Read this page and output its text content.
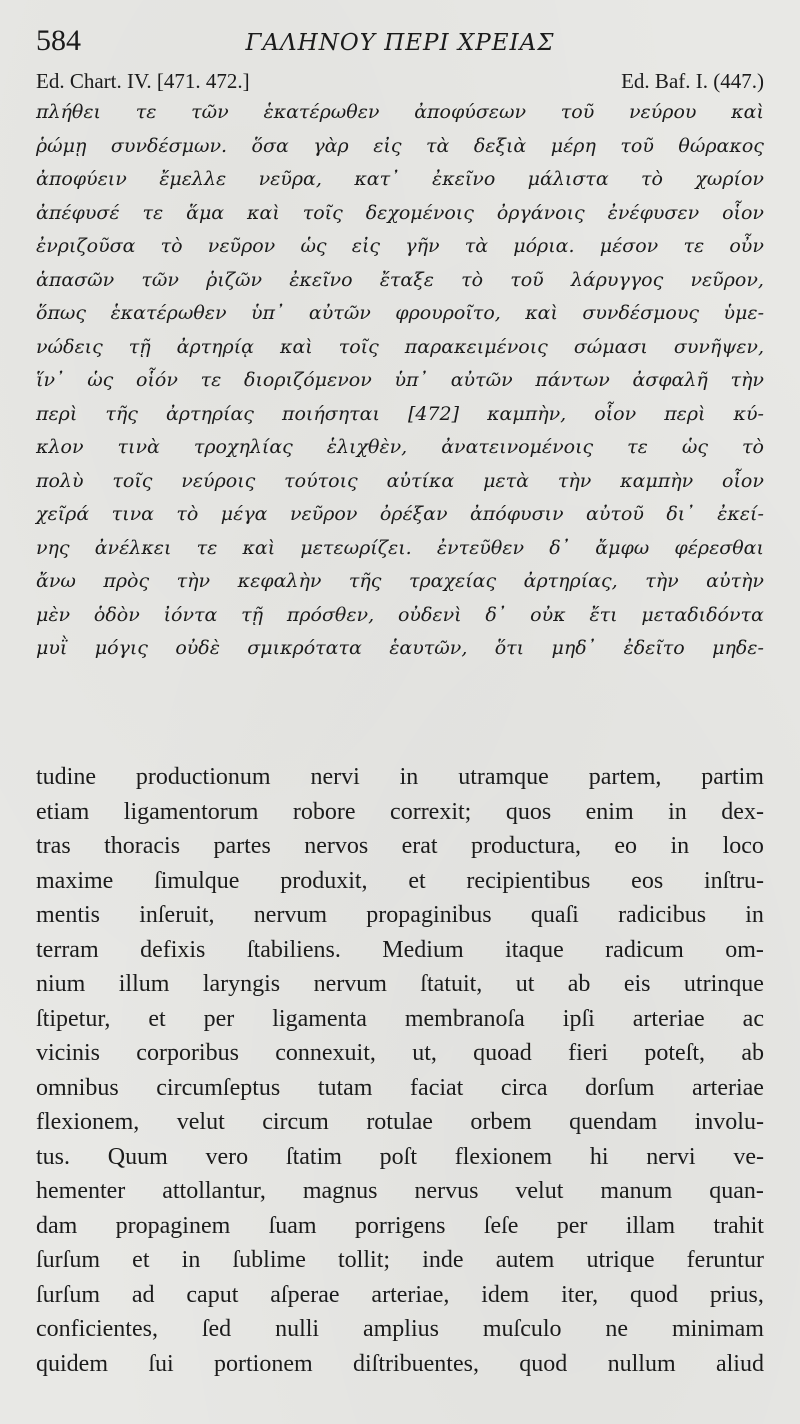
584	ΓΑΛΗΝΟΥ ΠΕΡΙ ΧΡΕΙΑΣ
Ed. Chart. IV. [471. 472.]	Ed. Baf. I. (447.)
πλήθει τε τῶν ἑκατέρωθεν ἀποφύσεων τοῦ νεύρου καὶ
ῥώμῃ συνδέσμων. ὅσα γὰρ εἰς τὰ δεξιὰ μέρη τοῦ θώρακος
ἀποφύειν ἔμελλε νεῦρα, κατ᾽ ἐκεῖνο μάλιστα τὸ χωρίον
ἀπέφυσέ τε ἅμα καὶ τοῖς δεχομένοις ὀργάνοις ἐνέφυσεν οἷον
ἐνριζοῦσα τὸ νεῦρον ὡς εἰς γῆν τὰ μόρια. μέσον τε οὖν
ἁπασῶν τῶν ῥιζῶν ἐκεῖνο ἔταξε τὸ τοῦ λάρυγγος νεῦρον,
ὅπως ἑκατέρωθεν ὑπ᾽ αὐτῶν φρουροῖτο, καὶ συνδέσμους ὑμε-
νώδεις τῇ ἀρτηρίᾳ καὶ τοῖς παρακειμένοις σώμασι συνῆψεν,
ἵν᾽ ὡς οἷόν τε διοριζόμενον ὑπ᾽ αὐτῶν πάντων ἀσφαλῆ τὴν
περὶ τῆς ἀρτηρίας ποιήσηται [472] καμπὴν, οἷον περὶ κύ-
κλον τινὰ τροχηλίας ἑλιχθὲν, ἀνατεινομένοις τε ὡς τὸ
πολὺ τοῖς νεύροις τούτοις αὐτίκα μετὰ τὴν καμπὴν οἷον
χεῖρά τινα τὸ μέγα νεῦρον ὀρέξαν ἀπόφυσιν αὐτοῦ δι᾽ ἐκεί-
νης ἀνέλκει τε καὶ μετεωρίζει. ἐντεῦθεν δ᾽ ἄμφω φέρεσθαι
ἄνω πρὸς τὴν κεφαλὴν τῆς τραχείας ἀρτηρίας, τὴν αὐτὴν
μὲν ὁδὸν ἰόντα τῇ πρόσθεν, οὐδενὶ δ᾽ οὐκ ἔτι μεταδιδόντα
μυῒ μόγις οὐδὲ σμικρότατα ἑαυτῶν, ὅτι μηδ᾽ ἐδεῖτο μηδε-
tudine productionum nervi in utramque partem, partim
etiam ligamentorum robore correxit; quos enim in dex-
tras thoracis partes nervos erat productura, eo in loco
maxime ſimulque produxit, et recipientibus eos inſtru-
mentis inſeruit, nervum propaginibus quaſi radicibus in
terram defixis ſtabiliens. Medium itaque radicum om-
nium illum laryngis nervum ſtatuit, ut ab eis utrinque
ſtipetur, et per ligamenta membranoſa ipſi arteriae ac
vicinis corporibus connexuit, ut, quoad fieri poteſt, ab
omnibus circumſeptus tutam faciat circa dorſum arteriae
flexionem, velut circum rotulae orbem quendam involu-
tus. Quum vero ſtatim poſt flexionem hi nervi ve-
hementer attollantur, magnus nervus velut manum quan-
dam propaginem ſuam porrigens ſeſe per illam trahit
ſurſum et in ſublime tollit; inde autem utrique feruntur
ſurſum ad caput aſperae arteriae, idem iter, quod prius,
conficientes, ſed nulli amplius muſculo ne minimam
quidem ſui portionem diſtribuentes, quod nullum aliud
